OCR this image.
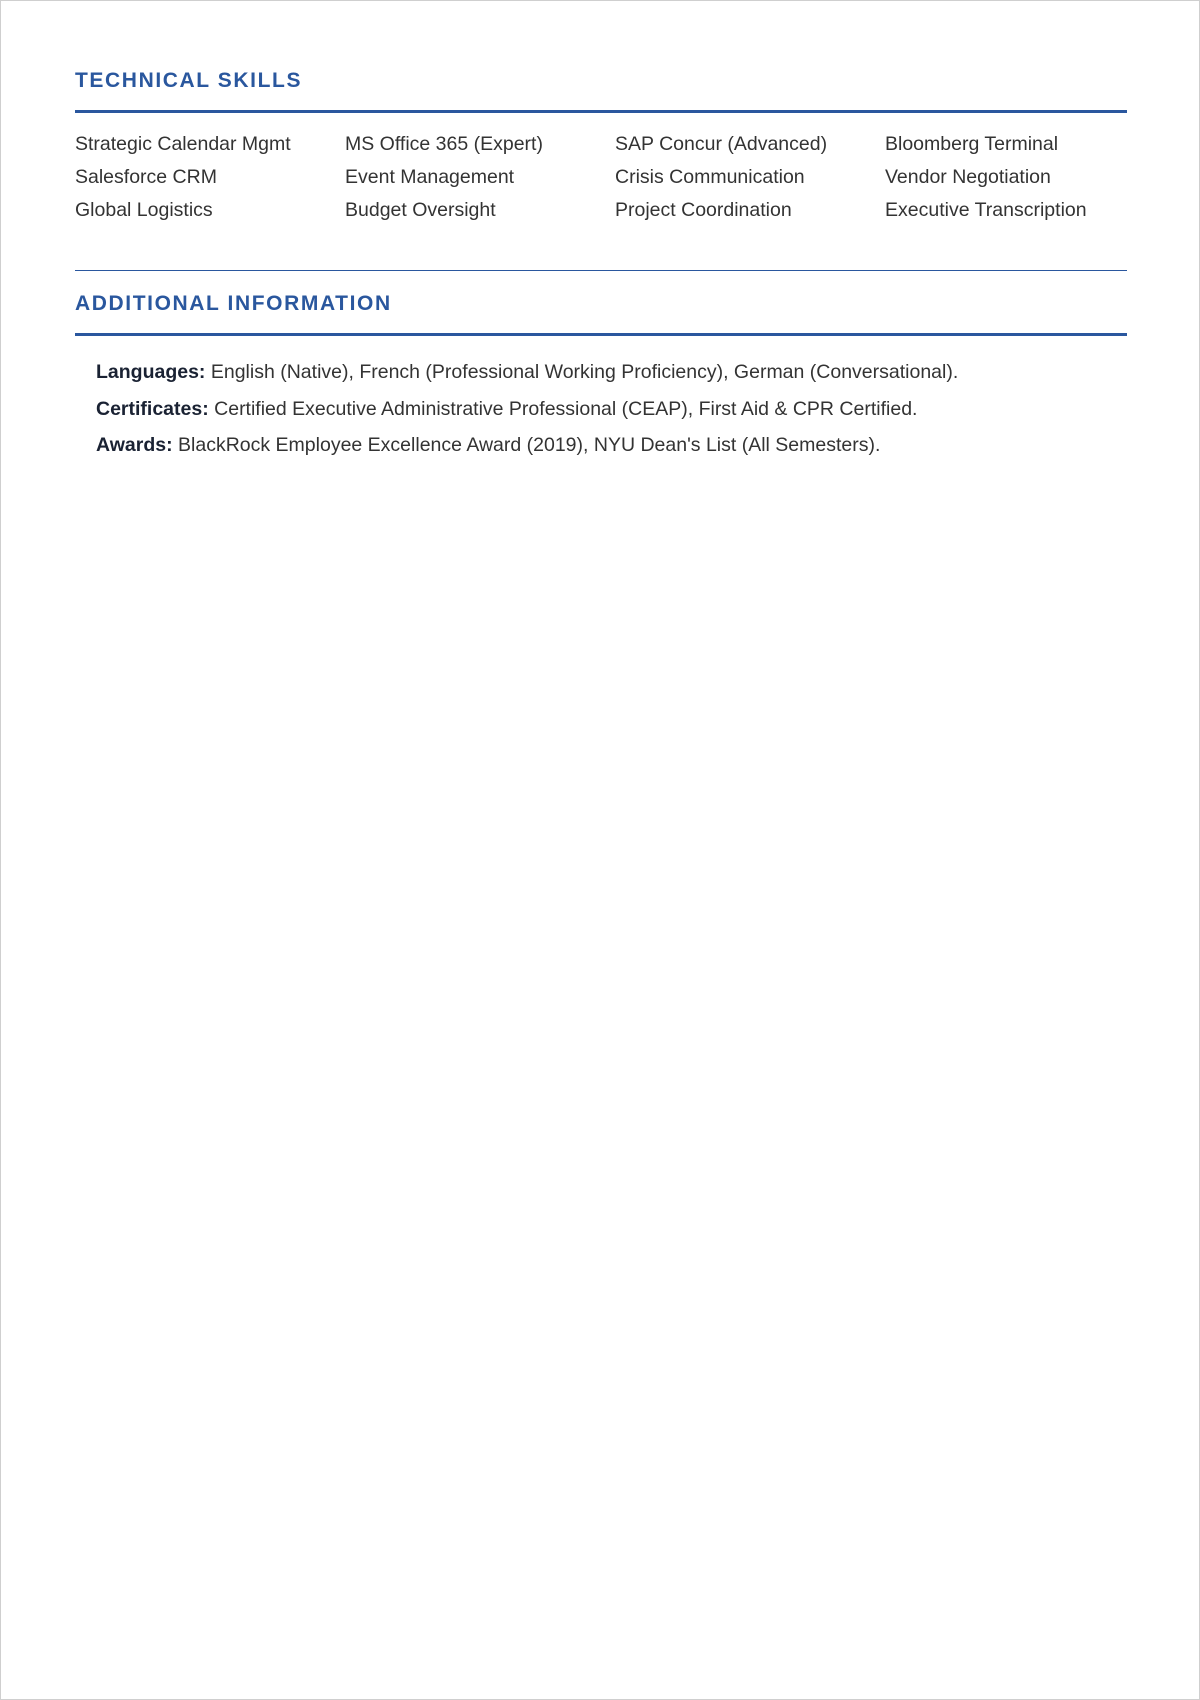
TECHNICAL SKILLS
Strategic Calendar Mgmt	MS Office 365 (Expert)	SAP Concur (Advanced)	Bloomberg Terminal
Salesforce CRM	Event Management	Crisis Communication	Vendor Negotiation
Global Logistics	Budget Oversight	Project Coordination	Executive Transcription
ADDITIONAL INFORMATION
Languages: English (Native), French (Professional Working Proficiency), German (Conversational).
Certificates: Certified Executive Administrative Professional (CEAP), First Aid & CPR Certified.
Awards: BlackRock Employee Excellence Award (2019), NYU Dean's List (All Semesters).
